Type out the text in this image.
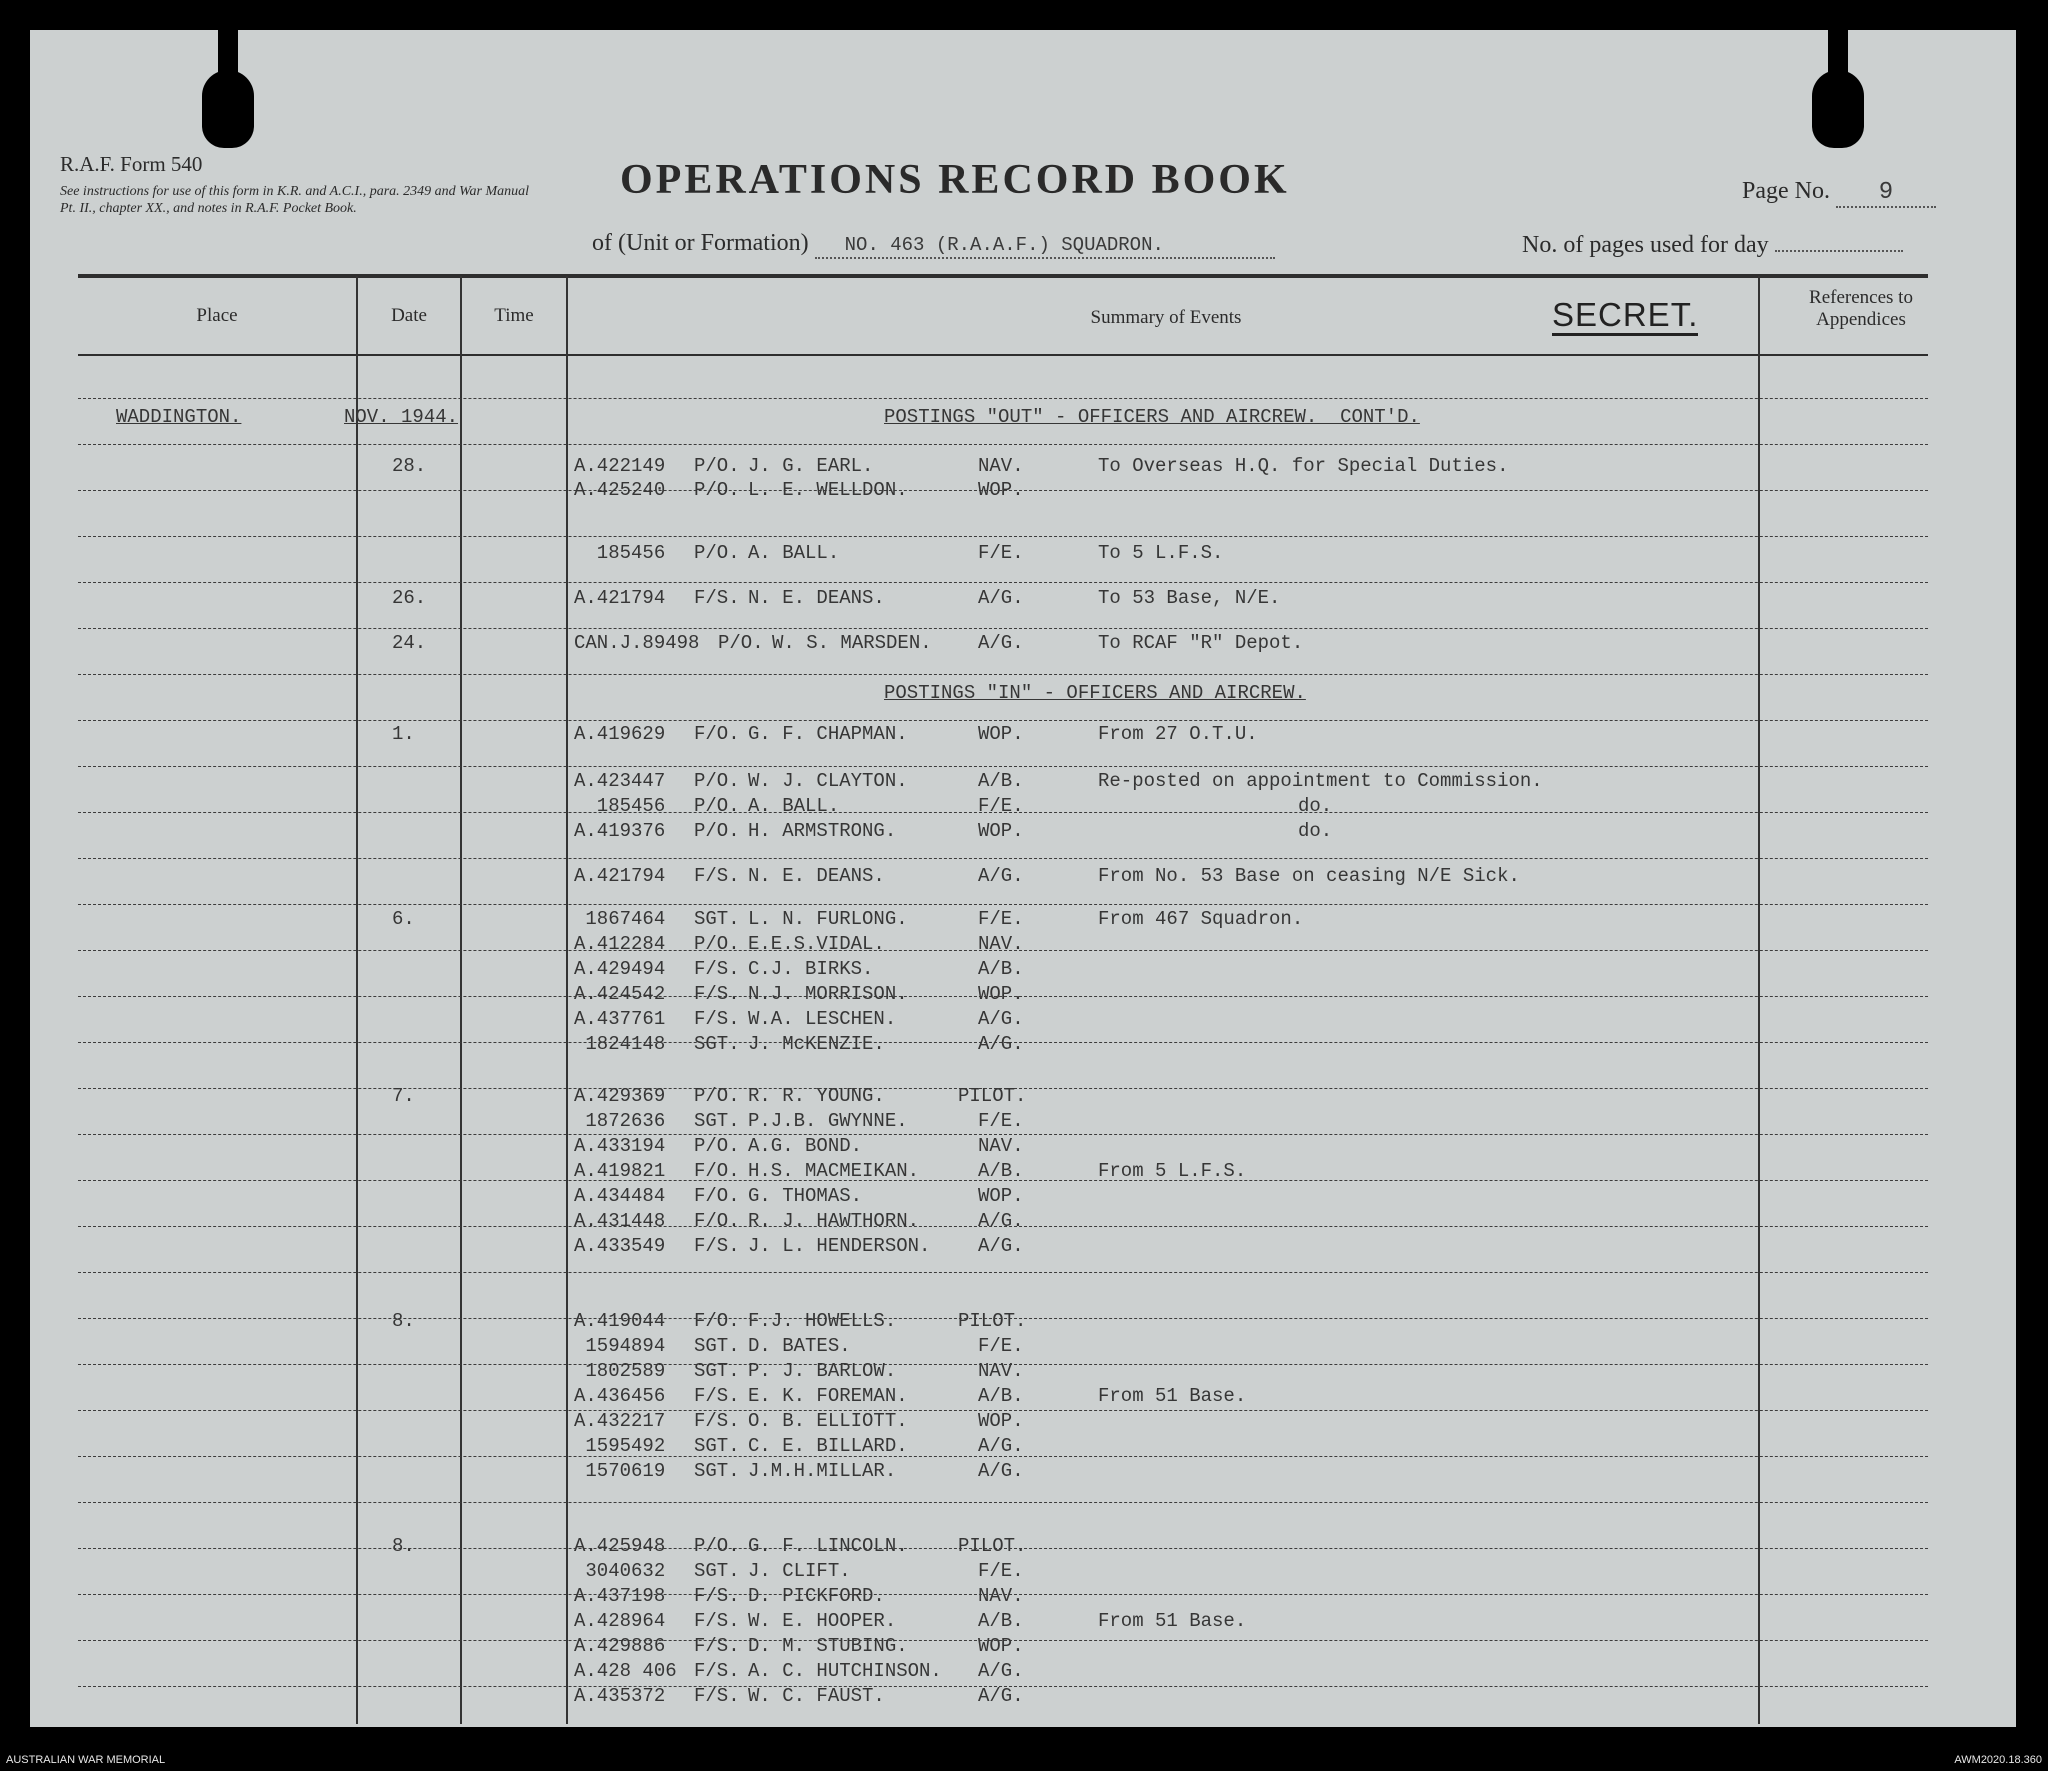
R.A.F. Form 540
See instructions for use of this form in K.R. and A.C.I., para. 2349 and War Manual Pt. II., chapter XX., and notes in R.A.F. Pocket Book.
OPERATIONS RECORD BOOK	Page No. 9
of (Unit or Formation) NO. 463 (R.A.A.F.) SQUADRON.	No. of pages used for day
Place	Date	Time	Summary of Events
References to Appendices
SECRET.
WADDINGTON.	NOV. 1944.	POSTINGS "OUT" - OFFICERS AND AIRCREW.  CONT'D.
28.	A.422149 P/O. J. G. EARL.	NAV.	To Overseas H.Q. for Special Duties.
A.425240 P/O. L. E. WELLDON.	WOP.
185456 P/O. A. BALL.	F/E.	To 5 L.F.S.
26.	A.421794 F/S. N. E. DEANS.	A/G.	To 53 Base, N/E.
24.	CAN.J.89498 P/O. W. S. MARSDEN. A/G.	To RCAF "R" Depot.
POSTINGS "IN" - OFFICERS AND AIRCREW.
1.	A.419629 F/O. G. F. CHAPMAN.	WOP.	From 27 O.T.U.
A.423447 P/O. W. J. CLAYTON.	A/B.	Re-posted on appointment to Commission.
185456 P/O. A. BALL.	F/E.	do.
A.419376 P/O. H. ARMSTRONG.	WOP.	do.
A.421794 F/S. N. E. DEANS.	A/G.	From No. 53 Base on ceasing N/E Sick.
6.	1867464 SGT. L. N. FURLONG.	F/E.	From 467 Squadron.
A.412284 P/O. E.E.S.VIDAL.	NAV.
A.429494 F/S. C.J. BIRKS.	A/B.
A.424542 F/S. N.J. MORRISON.	WOP.
A.437761 F/S. W.A. LESCHEN.	A/G.
1824148 SGT. J. McKENZIE.	A/G.
7.	A.429369 P/O. R. R. YOUNG.	PILOT.
1872636 SGT. P.J.B. GWYNNE.	F/E.
A.433194 P/O. A.G. BOND.	NAV.
A.419821 F/O. H.S. MACMEIKAN.	A/B.	From 5 L.F.S.
A.434484 F/O. G. THOMAS.	WOP.
A.431448 F/O. R. J. HAWTHORN.	A/G.
A.433549 F/S. J. L. HENDERSON.	A/G.
8.	A.419044 F/O. F.J. HOWELLS.	PILOT.
1594894 SGT. D. BATES.	F/E.
1802589 SGT. P. J. BARLOW.	NAV.
A.436456 F/S. E. K. FOREMAN.	A/B.	From 51 Base.
A.432217 F/S. O. B. ELLIOTT.	WOP.
1595492 SGT. C. E. BILLARD.	A/G.
1570619 SGT. J.M.H.MILLAR.	A/G.
8.	A.425948 P/O. G. F. LINCOLN.	PILOT.
3040632 SGT. J. CLIFT.	F/E.
A.437198 F/S. D. PICKFORD.	NAV.
A.428964 F/S. W. E. HOOPER.	A/B.	From 51 Base.
A.429886 F/S. D. M. STUBING.	WOP.
A.428 406 F/S. A. C. HUTCHINSON. A/G.
A.435372 F/S. W. C. FAUST.	A/G.
AUSTRALIAN WAR MEMORIAL	AWM2020.18.360
